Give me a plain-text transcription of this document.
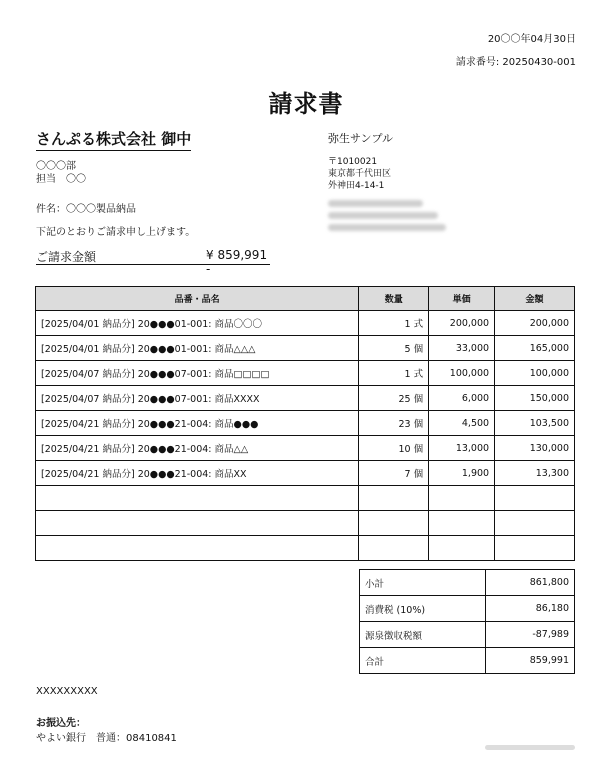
20〇〇年04月30日
請求番号: 20250430-001
請求書
さんぷる株式会社 御中
〇〇〇部
担当　〇〇
件名：〇〇〇製品納品
下記のとおりご請求申し上げます。
ご請求金額	¥ 859,991 -
弥生サンプル
〒1010021
東京都千代田区
外神田4-14-1
品番・品名	数量	単価	金額
[2025/04/01 納品分] 20●●●01-001: 商品〇〇〇	1 式	200,000	200,000
[2025/04/01 納品分] 20●●●01-001: 商品△△△	5 個	33,000	165,000
[2025/04/07 納品分] 20●●●07-001: 商品□□□□	1 式	100,000	100,000
[2025/04/07 納品分] 20●●●07-001: 商品XXXX	25 個	6,000	150,000
[2025/04/21 納品分] 20●●●21-004: 商品●●●	23 個	4,500	103,500
[2025/04/21 納品分] 20●●●21-004: 商品△△	10 個	13,000	130,000
[2025/04/21 納品分] 20●●●21-004: 商品XX	7 個	1,900	13,300

小計	861,800
消費税 (10%)	86,180
源泉徴収税額	-87,989
合計	859,991
XXXXXXXXX
お振込先：
やよい銀行　普通：08410841
